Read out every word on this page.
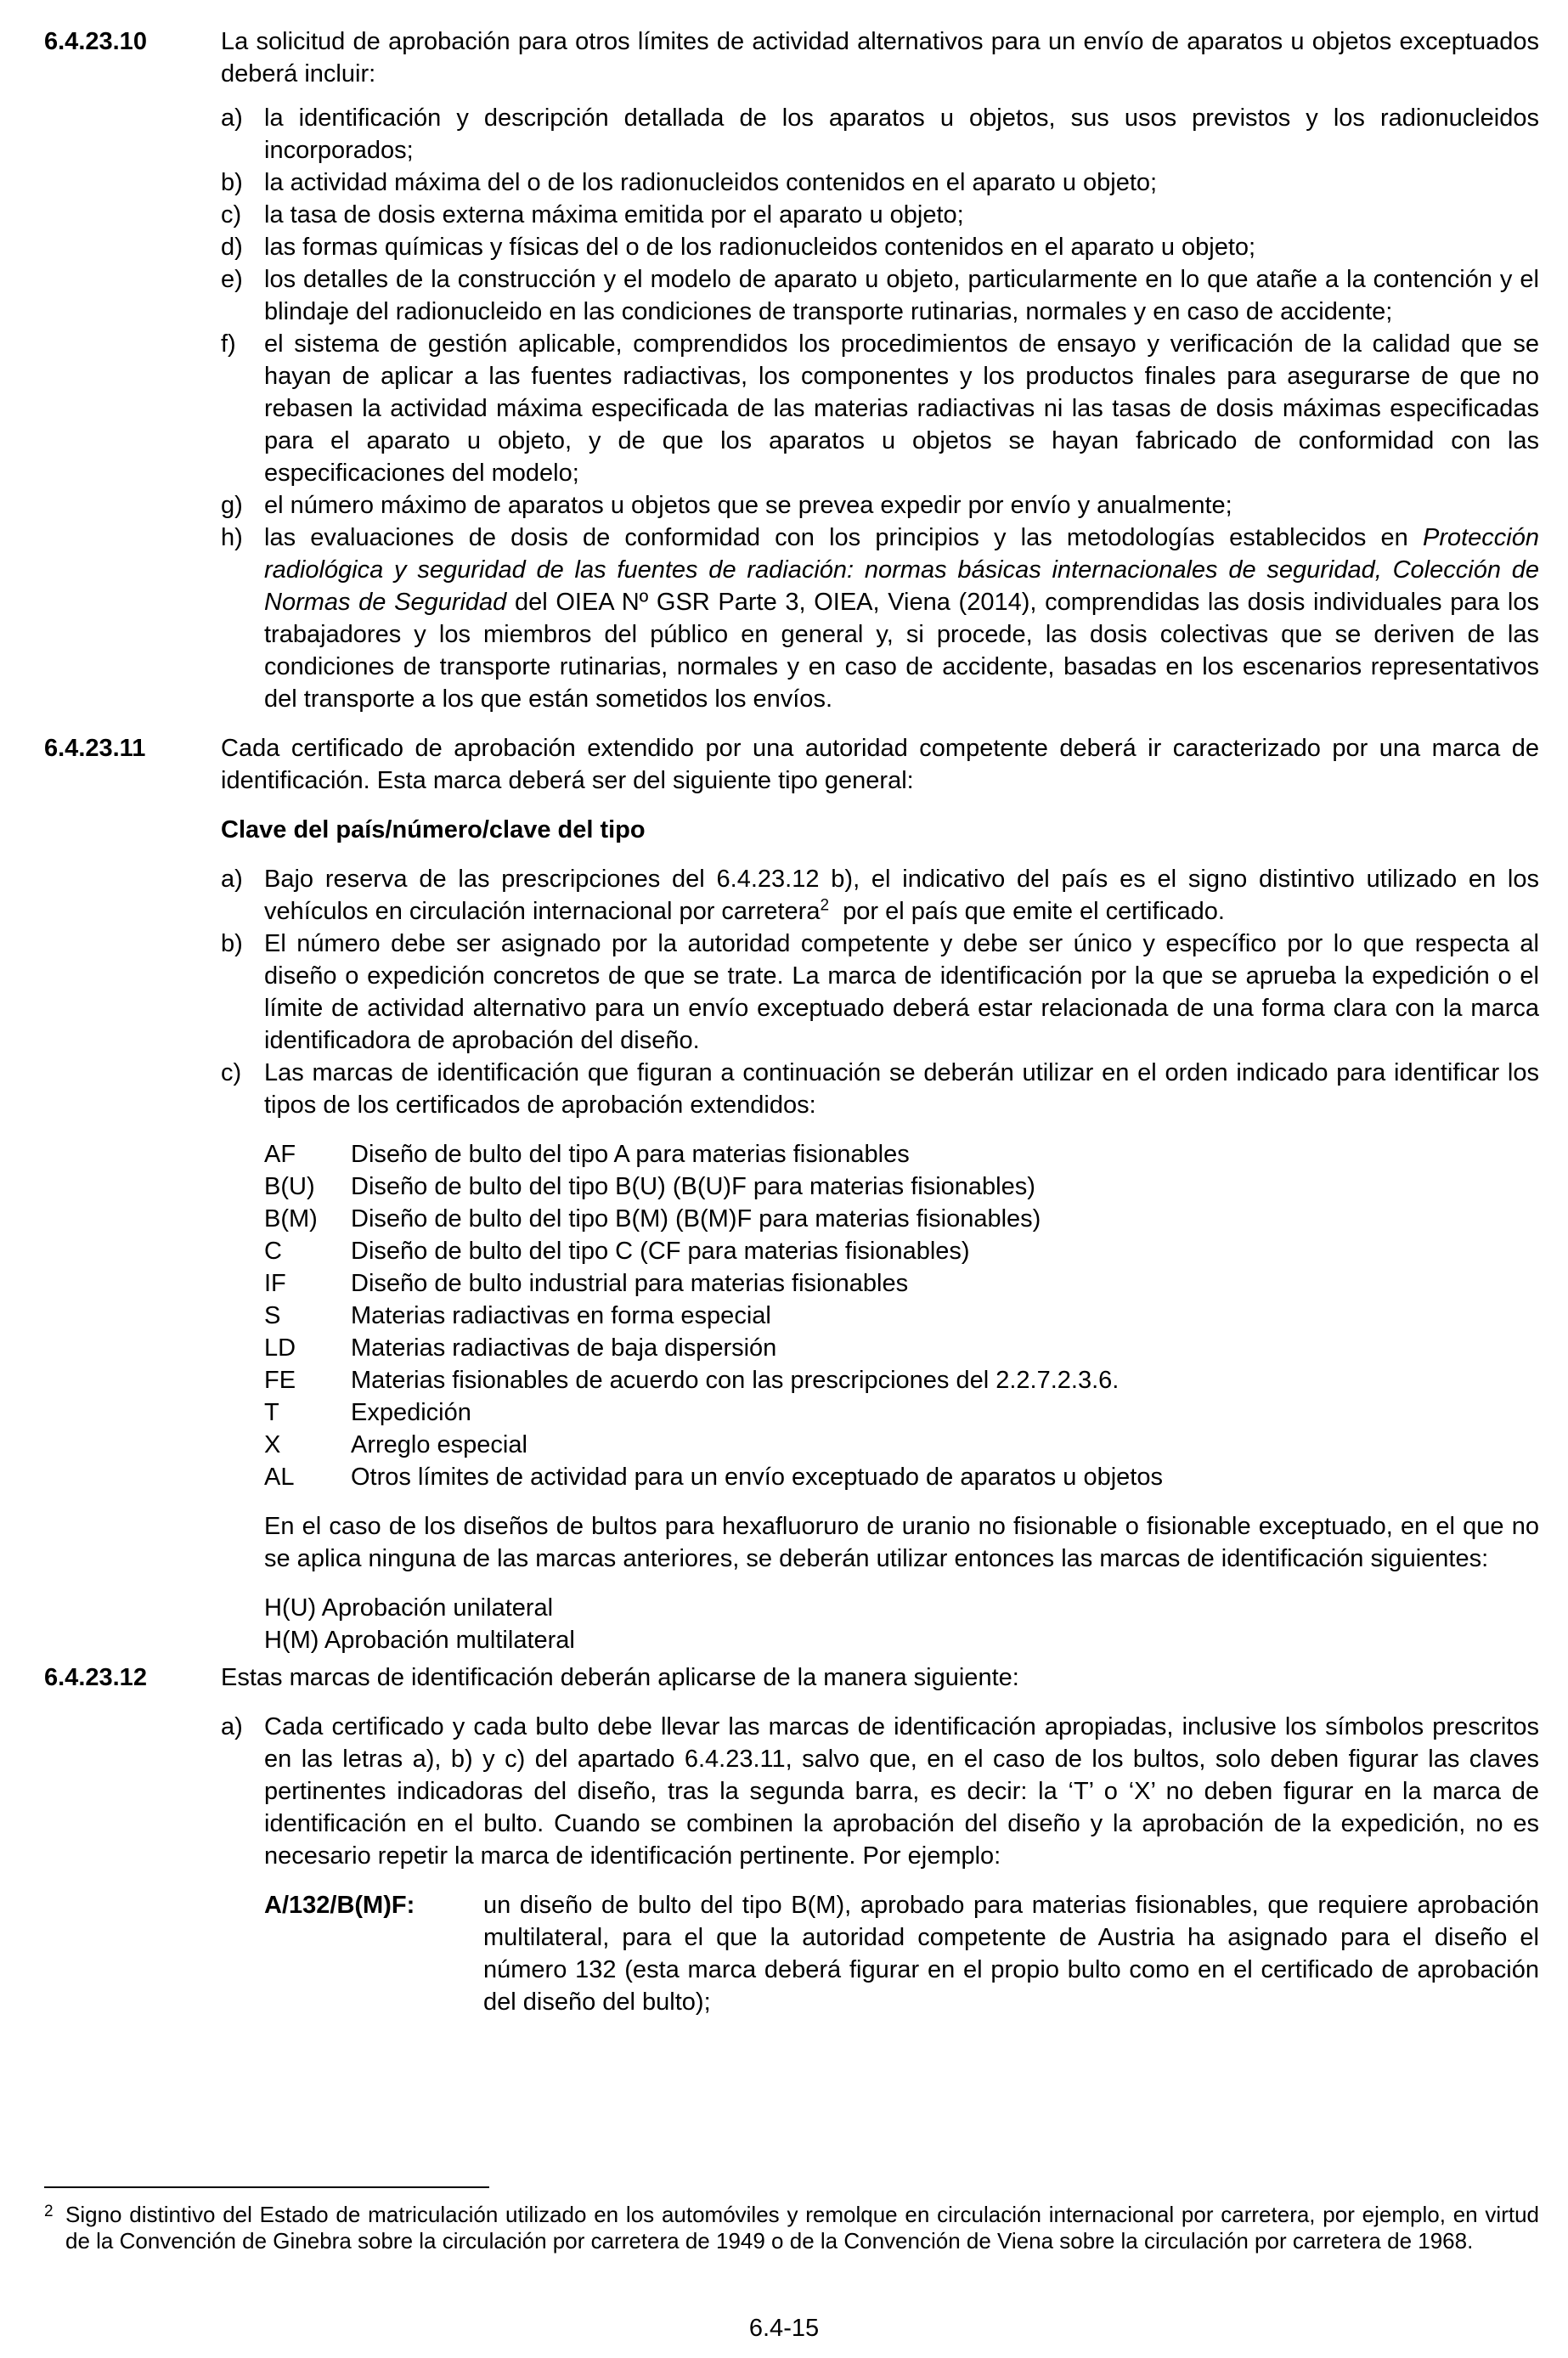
6.4.23.10	La solicitud de aprobación para otros límites de actividad alternativos para un envío de aparatos u objetos exceptuados deberá incluir:
a) la identificación y descripción detallada de los aparatos u objetos, sus usos previstos y los radionucleidos incorporados;
b) la actividad máxima del o de los radionucleidos contenidos en el aparato u objeto;
c) la tasa de dosis externa máxima emitida por el aparato u objeto;
d) las formas químicas y físicas del o de los radionucleidos contenidos en el aparato u objeto;
e) los detalles de la construcción y el modelo de aparato u objeto, particularmente en lo que atañe a la contención y el blindaje del radionucleido en las condiciones de transporte rutinarias, normales y en caso de accidente;
f)	el sistema de gestión aplicable, comprendidos los procedimientos de ensayo y verificación de la calidad que se hayan de aplicar a las fuentes radiactivas, los componentes y los productos finales para asegurarse de que no rebasen la actividad máxima especificada de las materias radiactivas ni las tasas de dosis máximas especificadas para el aparato u objeto, y de que los aparatos u objetos se hayan fabricado de conformidad con las especificaciones del modelo;
g) el número máximo de aparatos u objetos que se prevea expedir por envío y anualmente;
h) las evaluaciones de dosis de conformidad con los principios y las metodologías establecidos en Protección radiológica y seguridad de las fuentes de radiación: normas básicas internacionales de seguridad, Colección de Normas de Seguridad del OIEA Nº GSR Parte 3, OIEA, Viena (2014), comprendidas las dosis individuales para los trabajadores y los miembros del público en general y, si procede, las dosis colectivas que se deriven de las condiciones de transporte rutinarias, normales y en caso de accidente, basadas en los escenarios representativos del transporte a los que están sometidos los envíos.
6.4.23.11	Cada certificado de aprobación extendido por una autoridad competente deberá ir caracterizado por una marca de identificación. Esta marca deberá ser del siguiente tipo general:
Clave del país/número/clave del tipo
a) Bajo reserva de las prescripciones del 6.4.23.12 b), el indicativo del país es el signo distintivo utilizado en los vehículos en circulación internacional por carretera$^2$  por el país que emite el certificado.
b) El número debe ser asignado por la autoridad competente y debe ser único y específico por lo que respecta al diseño o expedición concretos de que se trate. La marca de identificación por la que se aprueba la expedición o el límite de actividad alternativo para un envío exceptuado deberá estar relacionada de una forma clara con la marca identificadora de aprobación del diseño.
c) Las marcas de identificación que figuran a continuación se deberán utilizar en el orden indicado para identificar los tipos de los certificados de aprobación extendidos:
AF	Diseño de bulto del tipo A para materias fisionables
B(U)	Diseño de bulto del tipo B(U) (B(U)F para materias fisionables)
B(M)	Diseño de bulto del tipo B(M) (B(M)F para materias fisionables)
C	Diseño de bulto del tipo C (CF para materias fisionables)
IF	Diseño de bulto industrial para materias fisionables
S	Materias radiactivas en forma especial
LD	Materias radiactivas de baja dispersión
FE	Materias fisionables de acuerdo con las prescripciones del 2.2.7.2.3.6.
T	Expedición
X	Arreglo especial
AL	Otros límites de actividad para un envío exceptuado de aparatos u objetos
En el caso de los diseños de bultos para hexafluoruro de uranio no fisionable o fisionable exceptuado, en el que no se aplica ninguna de las marcas anteriores, se deberán utilizar entonces las marcas de identificación siguientes:
H(U) Aprobación unilateral
H(M) Aprobación multilateral
6.4.23.12	Estas marcas de identificación deberán aplicarse de la manera siguiente:
a) Cada certificado y cada bulto debe llevar las marcas de identificación apropiadas, inclusive los símbolos prescritos en las letras a), b) y c) del apartado 6.4.23.11, salvo que, en el caso de los bultos, solo deben figurar las claves pertinentes indicadoras del diseño, tras la segunda barra, es decir: la ‘T’ o ‘X’ no deben figurar en la marca de identificación en el bulto. Cuando se combinen la aprobación del diseño y la aprobación de la expedición, no es necesario repetir la marca de identificación pertinente. Por ejemplo:
A/132/B(M)F:	un diseño de bulto del tipo B(M), aprobado para materias fisionables, que requiere aprobación multilateral, para el que la autoridad competente de Austria ha asignado para el diseño el número 132 (esta marca deberá figurar en el propio bulto como en el certificado de aprobación del diseño del bulto);
2 Signo distintivo del Estado de matriculación utilizado en los automóviles y remolque en circulación internacional por carretera, por ejemplo, en virtud de la Convención de Ginebra sobre la circulación por carretera de 1949 o de la Convención de Viena sobre la circulación por carretera de 1968.
6.4-15
